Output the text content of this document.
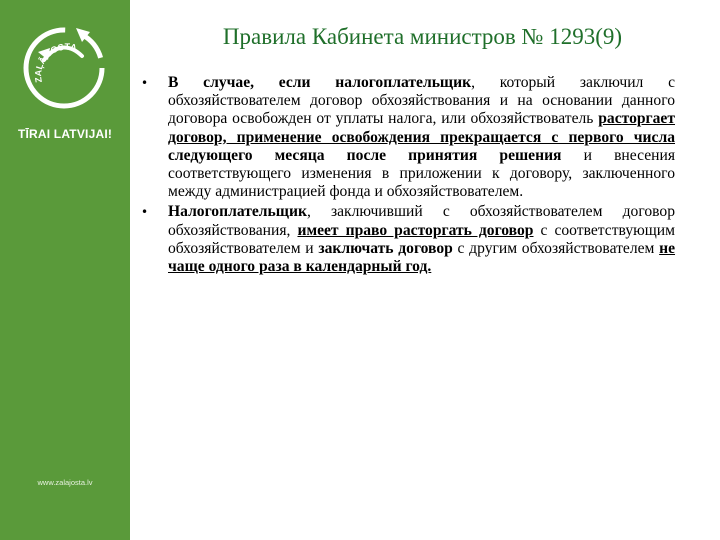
ZAĻĀ JOSTA
TĪRAI LATVIJAI!
www.zalajosta.lv
Правила Кабинета министров № 1293(9)
• В случае, если налогоплательщик, который заключил с обхозяйствователем договор обхозяйствования и на основании данного договора освобожден от уплаты налога, или обхозяйствователь расторгает договор, применение освобождения прекращается с первого числа следующего месяца после принятия решения и внесения соответствующего изменения в приложении к договору, заключенного между администрацией фонда и обхозяйствователем.
• Налогоплательщик, заключивший с обхозяйствователем договор обхозяйствования, имеет право расторгать договор с соответствующим обхозяйствователем и заключать договор с другим обхозяйствователем не чаще одного раза в календарный год.
